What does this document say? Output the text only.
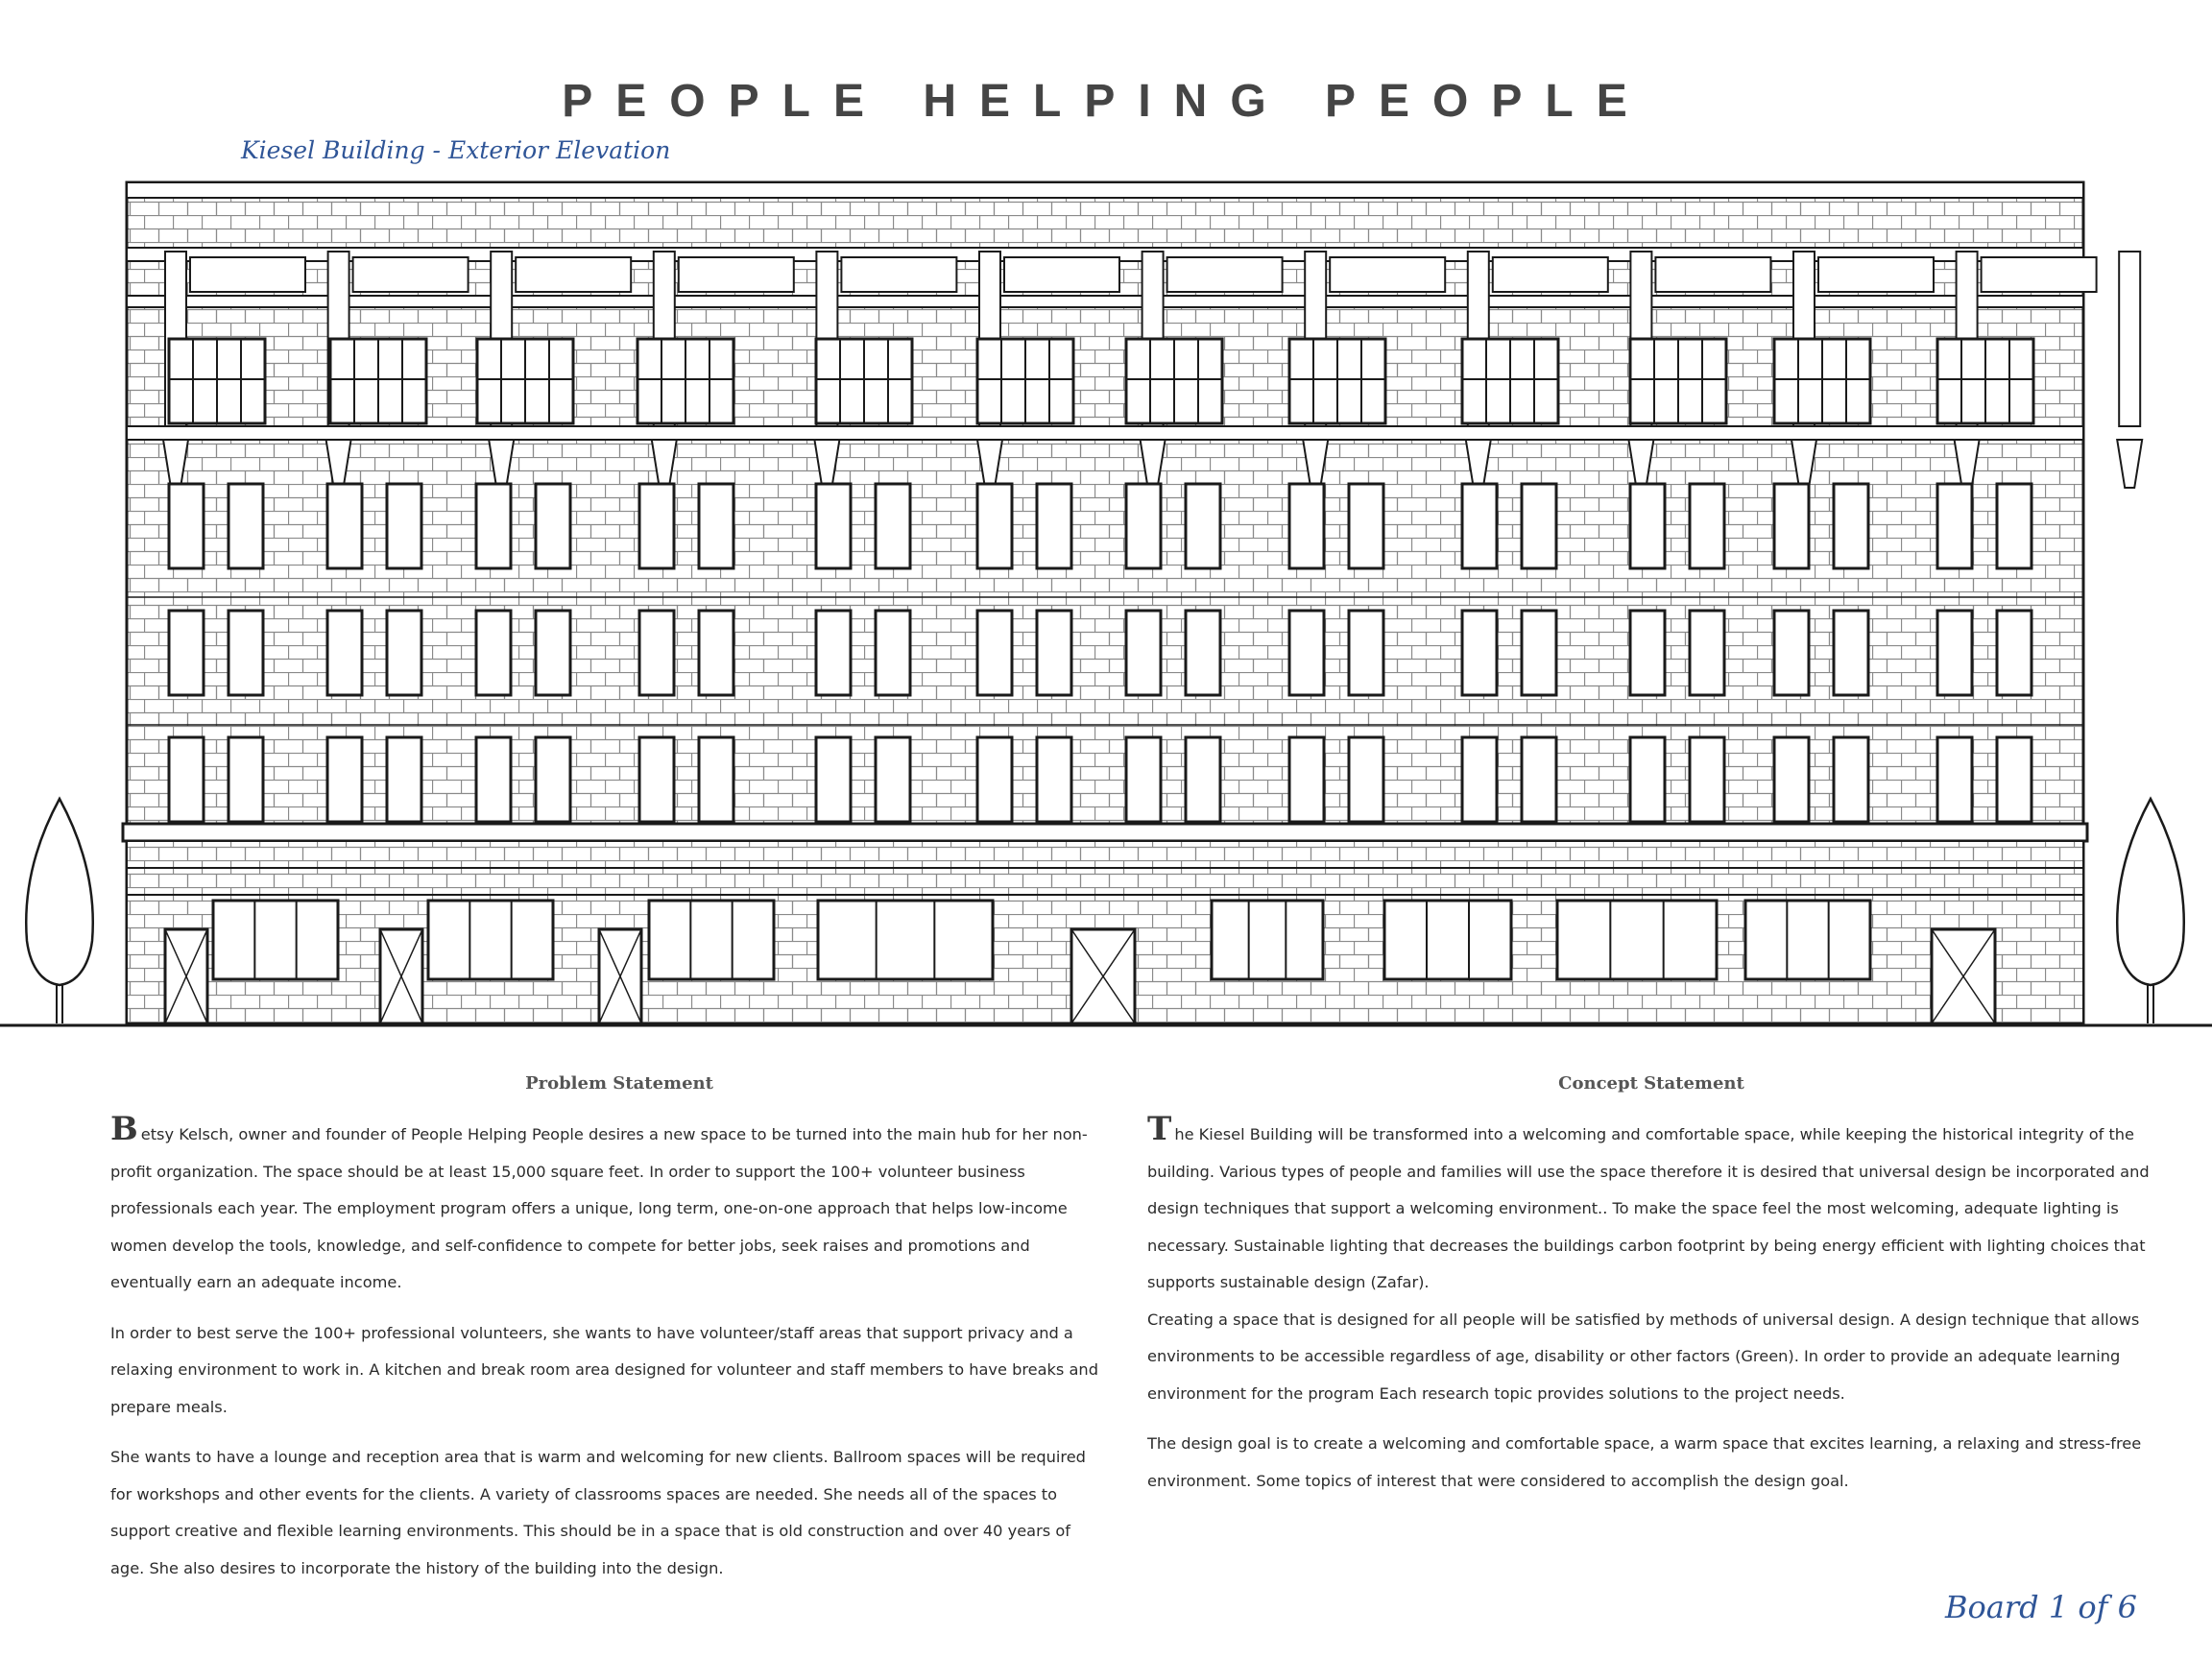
PEOPLE HELPING PEOPLE
Kiesel Building - Exterior Elevation
Problem Statement

Betsy Kelsch, owner and founder of People Helping People desires a new space to be turned into the main hub for her non-profit organization. The space should be at least 15,000 square feet. In order to support the 100+ volunteer business professionals each year. The employment program offers a unique, long term, one-on-one approach that helps low-income women develop the tools, knowledge, and self-confidence to compete for better jobs, seek raises and promotions and eventually earn an adequate income.

In order to best serve the 100+ professional volunteers, she wants to have volunteer/staff areas that support privacy and a relaxing environment to work in. A kitchen and break room area designed for volunteer and staff members to have breaks and prepare meals.

She wants to have a lounge and reception area that is warm and welcoming for new clients. Ballroom spaces will be required for workshops and other events for the clients. A variety of classrooms spaces are needed. She needs all of the spaces to support creative and flexible learning environments. This should be in a space that is old construction and over 40 years of age. She also desires to incorporate the history of the building into the design.

Concept Statement

The Kiesel Building will be transformed into a welcoming and comfortable space, while keeping the historical integrity of the building. Various types of people and families will use the space therefore it is desired that universal design be incorporated and design techniques that support a welcoming environment.. To make the space feel the most welcoming, adequate lighting is necessary. Sustainable lighting that decreases the buildings carbon footprint by being energy efficient with lighting choices that supports sustainable design (Zafar).

Creating a space that is designed for all people will be satisfied by methods of universal design. A design technique that allows environments to be accessible regardless of age, disability or other factors (Green). In order to provide an adequate learning environment for the program Each research topic provides solutions to the project needs.

The design goal is to create a welcoming and comfortable space, a warm space that excites learning, a relaxing and stress-free environment. Some topics of interest that were considered to accomplish the design goal.

Board 1 of 6
